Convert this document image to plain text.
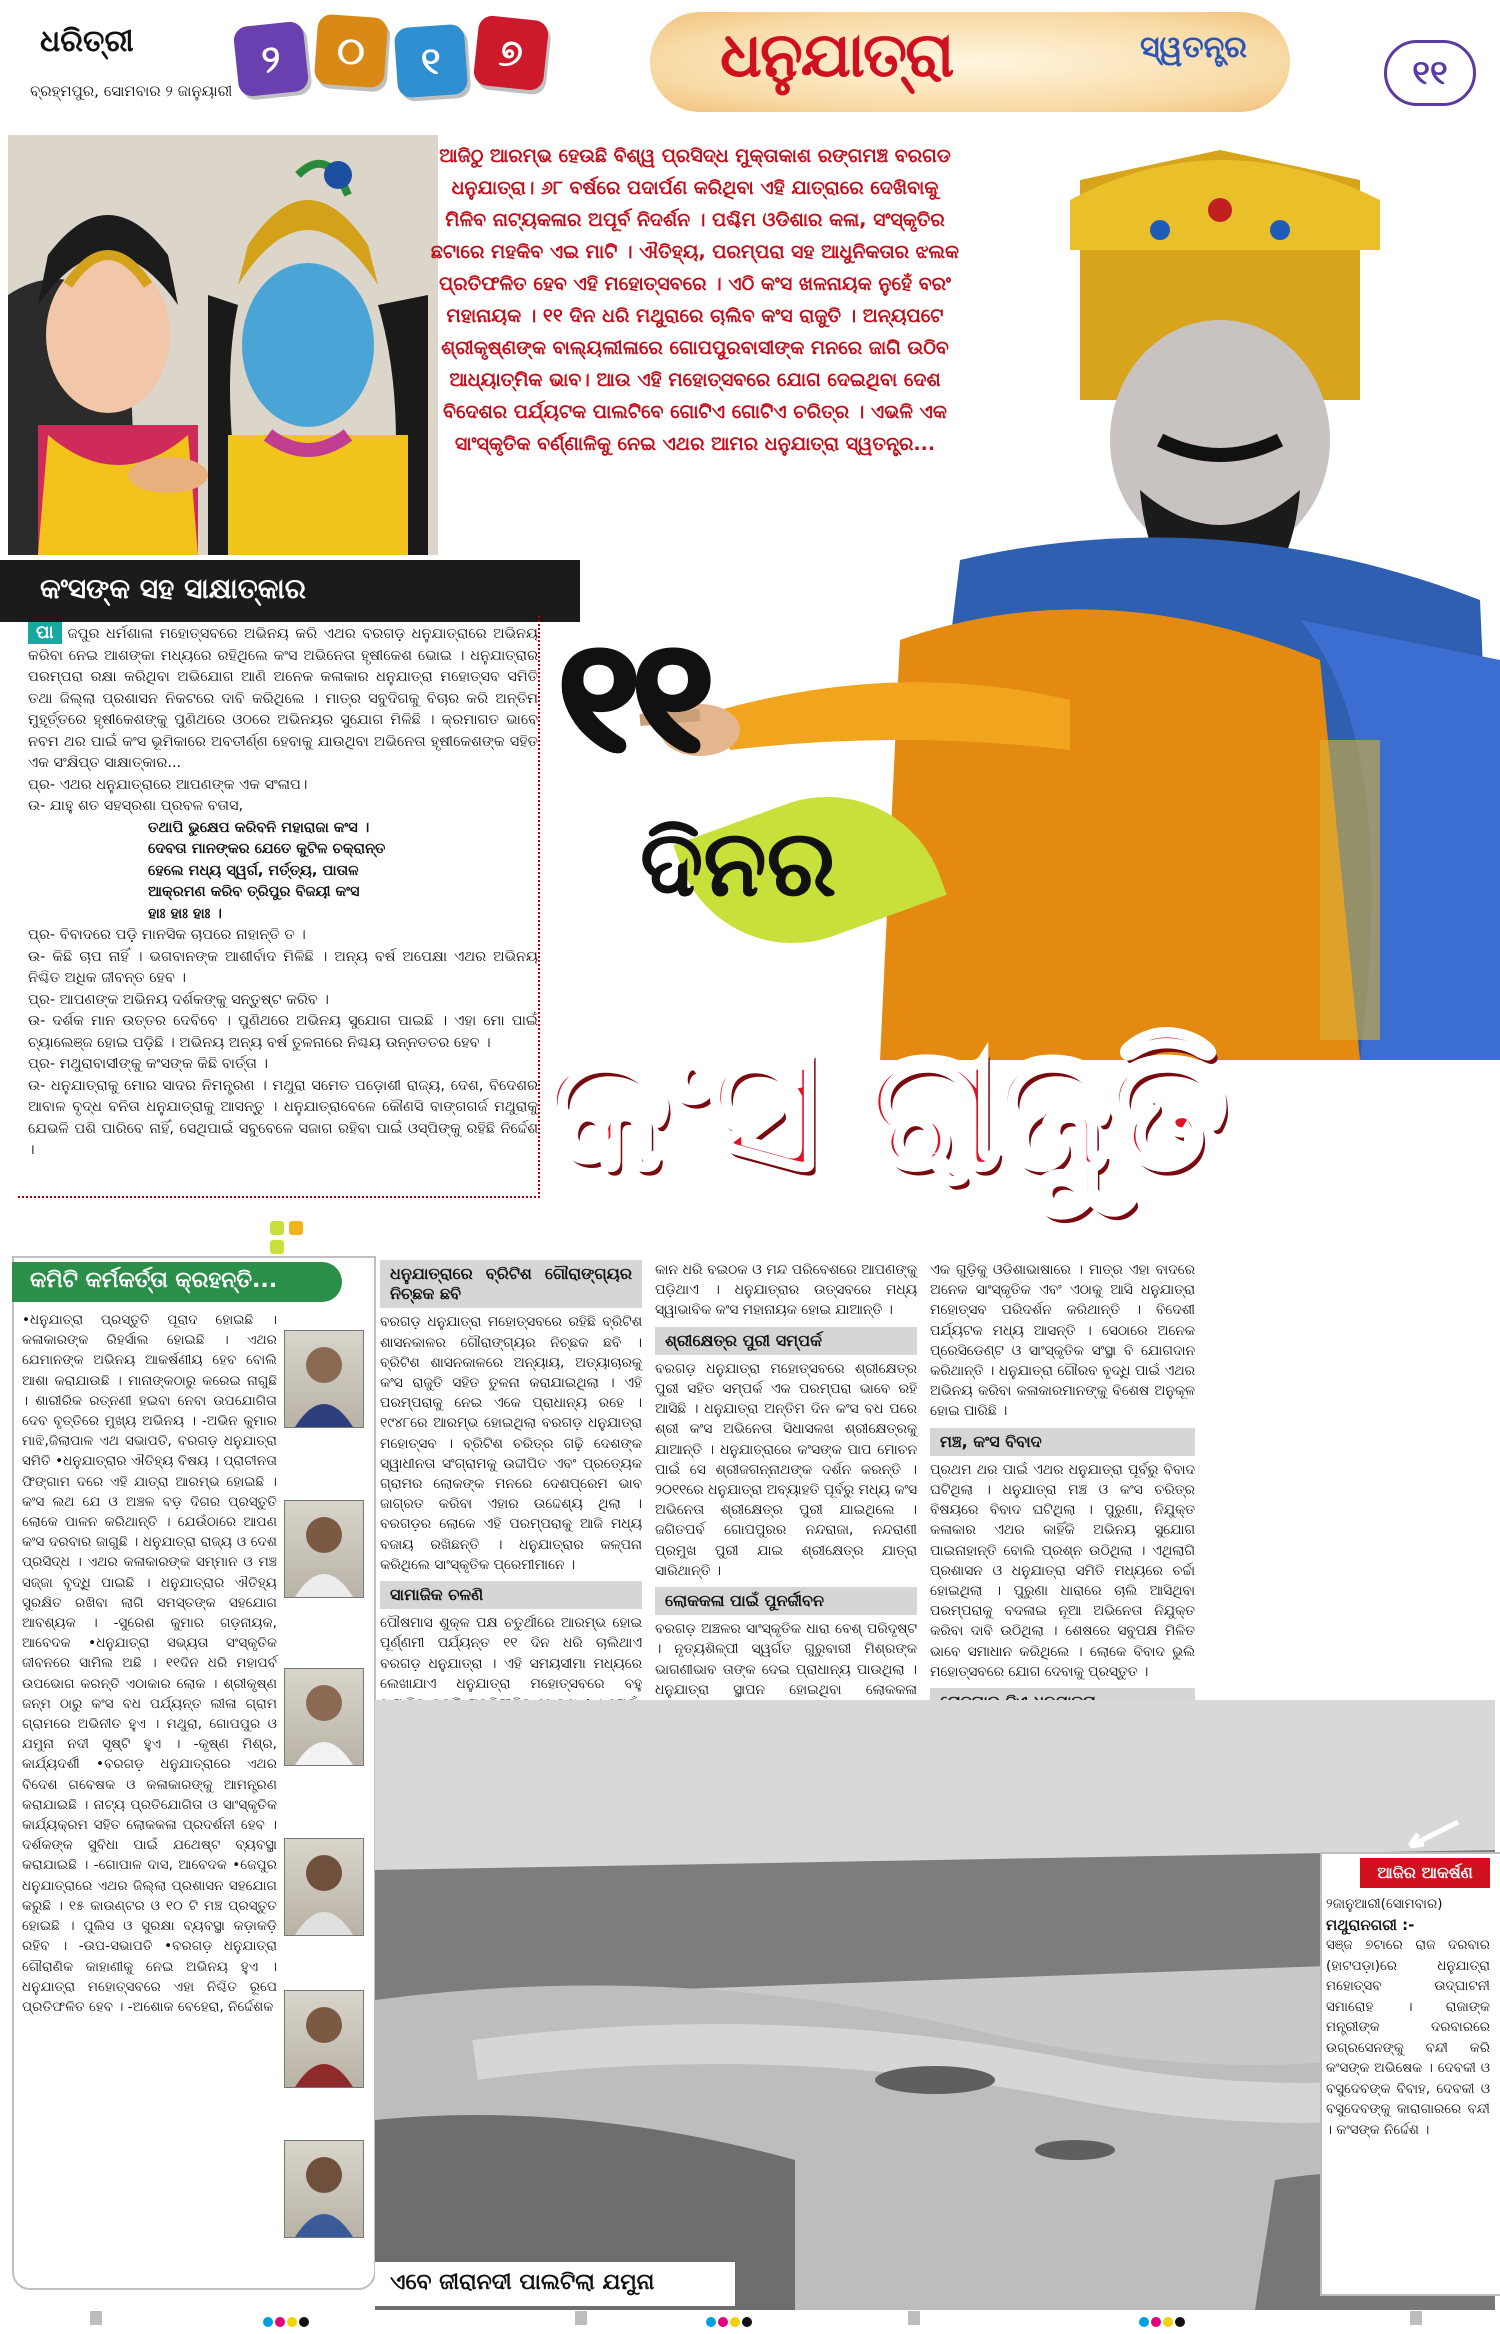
ଧରିତ୍ରୀ
ବ୍ରହ୍ମପୁର, ସୋମବାର ୨ ଜାନୁୟାରୀ
୨ ୦ ୧ ୭	ଧନୁଯାତ୍ରା	ସ୍ୱତନ୍ତ୍ର
୧୧
ଆଜିଠୁ ଆରମ୍ଭ ହେଉଛି ବିଶ୍ୱ ପ୍ରସିଦ୍ଧ ମୁକ୍ତାକାଶ ରଙ୍ଗମଞ୍ଚ ବରଗଡ ଧନୁଯାତ୍ରା। ୬୮ ବର୍ଷରେ ପଦାର୍ପଣ କରିଥିବା ଏହି ଯାତ୍ରାରେ ଦେଖିବାକୁ ମିଳିବ ନାଟ୍ୟକଳାର ଅପୂର୍ବ ନିଦର୍ଶନ । ପଶ୍ଚିମ ଓଡିଶାର କଳା, ସଂସ୍କୃତିର ଛଟାରେ ମହକିବ ଏଇ ମାଟି । ଐତିହ୍ୟ, ପରମ୍ପରା ସହ ଆଧୁନିକତାର ଝଲକ ପ୍ରତିଫଳିତ ହେବ ଏହି ମହୋତ୍ସବରେ । ଏଠି କଂସ ଖଳନାୟକ ନୁହେଁ ବରଂ ମହାନାୟକ । ୧୧ ଦିନ ଧରି ମଥୁରାରେ ଚାଲିବ କଂସ ରାଜୁତି । ଅନ୍ୟପଟେ ଶ୍ରୀକୃଷ୍ଣଙ୍କ ବାଲ୍ୟଲୀଳାରେ ଗୋପପୁରବାସୀଙ୍କ ମନରେ ଜାଗି ଉଠିବ ଆଧ୍ୟାତ୍ମିକ ଭାବ। ଆଉ ଏହି ମହୋତ୍ସବରେ ଯୋଗ ଦେଇଥିବା ଦେଶ ବିଦେଶର ପର୍ଯ୍ୟଟକ ପାଲଟିବେ ଗୋଟିଏ ଗୋଟିଏ ଚରିତ୍ର । ଏଭଳି ଏକ ସାଂସ୍କୃତିକ ବର୍ଣ୍ଣାଳିକୁ ନେଇ ଏଥର ଆମର ଧନୁଯାତ୍ରା ସ୍ୱତନ୍ତ୍ର...
କଂସଙ୍କ ସହ ସାକ୍ଷାତ୍‌କାର

ପା ଜପୁର ଧର୍ମଶାଳା ମହୋତ୍ସବରେ ଅଭିନୟ କରି ଏଥର ବରଗଡ଼ ଧନୁଯାତ୍ରାରେ ଅଭିନୟ କରିବା ନେଇ ଆଶଙ୍କା ମଧ୍ୟରେ ରହିଥିଲେ କଂସ ଅଭିନେତା ହୃଷୀକେଶ ଭୋଇ । ଧନୁଯାତ୍ରାର ପରମ୍ପରା ରକ୍ଷା କରିଥିବା ଅଭିଯୋଗ ଆଣି ଅନେକ କଳାକାର ଧନୁଯାତ୍ରା ମହୋତ୍ସବ ସମିତି ତଥା ଜିଲ୍ଲା ପ୍ରଶାସନ ନିକଟରେ ଦାବି କରିଥିଲେ । ମାତ୍ର ସବୁଦିଗକୁ ବିଚାର କରି ଅନ୍ତିମ ମୁହୂର୍ତ୍ତରେ ହୃଷୀକେଶଙ୍କୁ ପୁଣିଥରେ ଓଠରେ ଅଭିନୟର ସୁଯୋଗ ମିଳିଛି । କ୍ରମାଗତ ଭାବେ ନବମ ଥର ପାଇଁ କଂସ ଭୂମିକାରେ ଅବତୀର୍ଣ୍ଣ ହେବାକୁ ଯାଉଥିବା ଅଭିନେତା ହୃଷୀକେଶଙ୍କ ସହିତ ଏକ ସଂକ୍ଷିପ୍ତ ସାକ୍ଷାତ୍‌କାର...

ପ୍ର- ଏଥର ଧନୁଯାତ୍ରାରେ ଆପଣଙ୍କ ଏକ ସଂଳାପ।

ଉ- ଯାହୁ ଶତ ସହସ୍ରଶା ପ୍ରବଳ ବତାସ,

ତଥାପି ଭୁକ୍ଷେପ କରିବନି ମହାରାଜା କଂସ ।
ଦେବତା ମାନଙ୍କର ଯେତେ କୁଟିଳ ଚକ୍ରାନ୍ତ
ହେଲେ ମଧ୍ୟ ସ୍ୱର୍ଗ, ମର୍ତ୍ତ୍ୟ, ପାତାଳ
ଆକ୍ରମଣ କରିବ ତ୍ରିପୁର ବିଜୟୀ କଂସ
ହାଃ ହାଃ ହାଃ ।

ପ୍ର- ବିବାଦରେ ପଡ଼ି ମାନସିକ ଚାପରେ ନାହାନ୍ତି ତ ।

ଉ- କିଛି ଚାପ ନାହିଁ । ଭଗବାନଙ୍କ ଆଶୀର୍ବାଦ ମିଳିଛି । ଅନ୍ୟ ବର୍ଷ ଅପେକ୍ଷା ଏଥର ଅଭିନୟ ନିଶ୍ଚିତ ଅଧିକ ଜୀବନ୍ତ ହେବ ।

ପ୍ର- ଆପଣଙ୍କ ଅଭିନୟ ଦର୍ଶକଙ୍କୁ ସନ୍ତୁଷ୍ଟ କରିବ ।

ଉ- ଦର୍ଶକ ମାନ ଉତ୍ତର ଦେବିବେ । ପୁଣିଥରେ ଅଭିନୟ ସୁଯୋଗ ପାଇଛି । ଏହା ମୋ ପାଇଁ ଚ୍ୟାଲେଞ୍ଜ ହୋଇ ପଡ଼ିଛି । ଅଭିନୟ ଅନ୍ୟ ବର୍ଷ ତୁଳନାରେ ନିଶ୍ଚୟ ଉନ୍ନତତର ହେବ ।

ପ୍ର- ମଥୁରାବାସୀଙ୍କୁ କଂସଙ୍କ କିଛି ବାର୍ତ୍ତା ।

ଉ- ଧନୁଯାତ୍ରାକୁ ମୋର ସାଦର ନିମନ୍ତ୍ରଣ । ମଥୁରା ସମେତ ପଡ଼ୋଶୀ ରାଜ୍ୟ, ଦେଶ, ବିଦେଶର ଆବାଳ ବୃଦ୍ଧ ବନିତା ଧନୁଯାତ୍ରାକୁ ଆସନ୍ତୁ । ଧନୁଯାତ୍ରାବେଳେ କୌଣସି ବାଙ୍ଗଗର୍ଜ ମଥୁରାକୁ ଯେଭଳି ପଶି ପାରିବେ ନାହିଁ, ସେଥିପାଇଁ ସବୁବେଳେ ସଜାଗ ରହିବା ପାଇଁ ଓସ୍ପିଙ୍କୁ ରହିଛି ନିର୍ଦ୍ଦେଶ ।

୧୧
ଦିନର
କଂସ ରାଜୁତି

କମିଟି କର୍ମକର୍ତ୍ତା କ୍ରହନ୍ତି...
•ଧନୁଯାତ୍ରା ପ୍ରସ୍ତୁତି ପୂରାଦ ହୋଇଛି । କଳାକାରଙ୍କ ରିହର୍ସାଲ ହୋଇଛି । ଏଥର ଯେମାନଙ୍କ ଅଭିନୟ ଆକର୍ଷଣୀୟ ହେବ ବୋଲି ଆଶା କରାଯାଉଛି । ମାନାଙ୍କଠାରୁ କରେଇ ନାଗୁଛି । ଶାରୀରିକ ରତ୍ନଣୀ ହଇବା ନେବା ଉପଯୋଗିତା ଦେବ ବୃତ୍ତିରେ ମୁଖ୍ୟ ଅଭିନୟ । -ଅଭିନ କୁମାର ମାଝି,ଜିଲାପାଳ ଏଥ ସଭାପତି, ବରଗଡ଼ ଧନୁଯାତ୍ରା ସମିତି •ଧନୁଯାତ୍ରାର ଐତିହ୍ୟ ବିଷୟ । ପ୍ରାଚୀନତା ଫିଙ୍ଗାମ ଦରେ ଏହି ଯାତ୍ରା ଆରମ୍ଭ ହୋଇଛି । କଂସ ଲଥ ଯେ ଓ ଅଞ୍ଚଳ ବଡ଼ ଦିଗର ପ୍ରସ୍ତୁତି ଲୋକେ ପାଳନ କରିଥାନ୍ତି । ଯେଉଁଠାରେ ଆପଣ କଂସ ଦରବାର ଜାଗୁଛି । ଧନୁଯାତ୍ରା ରାଜ୍ୟ ଓ ଦେଶ ପ୍ରସିଦ୍ଧ । ଏଥର କଳାକାରଙ୍କ ସମ୍ମାନ ଓ ମଞ୍ଚ ସଜ୍ଜା ବୃଦ୍ଧି ପାଇଛି । ଧନୁଯାତ୍ରାର ଐତିହ୍ୟ ସୁରକ୍ଷିତ ରଖିବା ଲାଗି ସମସ୍ତଙ୍କ ସହଯୋଗ ଆବଶ୍ୟକ । -ସୁରେଶ କୁମାର ଗଡ଼ନାୟକ, ଆବେଦକ •ଧନୁଯାତ୍ରା ସଭ୍ୟତା ସଂସ୍କୃତିକ ଜୀବନରେ ସାମିଲ ଅଛି । ୧୧ଦିନ ଧରି ମହାପର୍ବ ଉପଭୋଗ କରନ୍ତି ଏଠାକାର ଲୋକ । ଶ୍ରୀକୃଷ୍ଣ ଜନ୍ମ ଠାରୁ କଂସ ବଧ ପର୍ଯ୍ୟନ୍ତ ଲୀଳା ଗ୍ରାମ ଗ୍ରାମରେ ଅଭିନୀତ ହୁଏ । ମଥୁରା, ଗୋପପୁର ଓ ଯମୁନା ନଦୀ ସୃଷ୍ଟି ହୁଏ । -କୃଷ୍ଣ ମିଶ୍ର, କାର୍ଯ୍ୟଦର୍ଶୀ •ବରଗଡ଼ ଧନୁଯାତ୍ରାରେ ଏଥର ବିଦେଶ ଗବେଷକ ଓ କଳାକାରଙ୍କୁ ଆମନ୍ତ୍ରଣ କରାଯାଇଛି । ନାଟ୍ୟ ପ୍ରତିଯୋଗିତା ଓ ସାଂସ୍କୃତିକ କାର୍ଯ୍ୟକ୍ରମ ସହିତ ଲୋକକଳା ପ୍ରଦର୍ଶନୀ ହେବ । ଦର୍ଶକଙ୍କ ସୁବିଧା ପାଇଁ ଯଥେଷ୍ଟ ବ୍ୟବସ୍ଥା କରାଯାଇଛି । -ଗୋପାଳ ଦାସ, ଆବେଦକ •ଜେପୁର ଧନୁଯାତ୍ରାରେ ଏଥର ଜିଲ୍ଲା ପ୍ରଶାସନ ସହଯୋଗ କରୁଛି । ୧୫ କାଉଣ୍ଟର ଓ ୧୦ ଟି ମଞ୍ଚ ପ୍ରସ୍ତୁତ ହୋଇଛି । ପୁଲିସ ଓ ସୁରକ୍ଷା ବ୍ୟବସ୍ଥା କଡ଼ାକଡ଼ି ରହିବ । -ଉପ-ସଭାପତି •ବରଗଡ଼ ଧନୁଯାତ୍ରା ଗୌରାଣିକ କାହାଣୀକୁ ନେଇ ଅଭିନୟ ହୁଏ । ଧନୁଯାତ୍ରା ମହୋତ୍ସବରେ ଏହା ନିଶ୍ଚିତ ରୂପେ ପ୍ରତିଫଳିତ ହେବ । -ଅଶୋକ ବେହେରା, ନିର୍ଦ୍ଦେଶକ
ଧନୁଯାତ୍ରାରେ ବ୍ରିଟିଶ ଗୌରାଙ୍ଗ୍ୟର ନିଚ୍ଛକ ଛବି

ବରଗଡ଼ ଧନୁଯାତ୍ରା ମହୋତ୍ସବରେ ରହିଛି ବ୍ରିଟିଶ ଶାସନକାଳର ଗୌରାଙ୍ଗ୍ୟର ନିଚ୍ଛକ ଛବି । ବ୍ରିଟିଶ ଶାସନକାଳରେ ଅନ୍ୟାୟ, ଅତ୍ୟାଚାରକୁ କଂସ ରାଜୁତି ସହିତ ତୁଳନା କରାଯାଇଥିଲା । ଏହି ପରମ୍ପରାକୁ ନେଇ ଏକେ ପ୍ରାଧାନ୍ୟ ରହେ । ୧୯୪୮ରେ ଆରମ୍ଭ ହୋଇଥିଲା ବରଗଡ଼ ଧନୁଯାତ୍ରା ମହୋତ୍ସବ । ବ୍ରିଟିଶ ଚରିତ୍ର ଗଢ଼ି ଦେଶଙ୍କ ସ୍ୱାଧୀନତା ସଂଗ୍ରାମକୁ ଉଦ୍ଦୀପିତ ଏବଂ ପ୍ରତ୍ୟେକ ଗ୍ରାମର ଲୋକଙ୍କ ମନରେ ଦେଶପ୍ରେମ ଭାବ ଜାଗ୍ରତ କରିବା ଏହାର ଉଦ୍ଦେଶ୍ୟ ଥିଲା । ବରଗଡ଼ର ଲୋକେ ଏହି ପରମ୍ପରାକୁ ଆଜି ମଧ୍ୟ ବଜାୟ ରଖିଛନ୍ତି । ଧନୁଯାତ୍ରାର କଳ୍ପନା କରିଥିଲେ ସାଂସ୍କୃତିକ ପ୍ରେମୀମାନେ ।

ସାମାଜିକ ଚଳଣି

ପୌଷମାସ ଶୁକ୍ଳ ପକ୍ଷ ଚତୁର୍ଥୀରେ ଆରମ୍ଭ ହୋଇ ପୂର୍ଣ୍ଣମୀ ପର୍ଯ୍ୟନ୍ତ ୧୧ ଦିନ ଧରି ଚାଲିଥାଏ ବରଗଡ଼ ଧନୁଯାତ୍ରା । ଏହି ସମୟସୀମା ମଧ୍ୟରେ ଲେଖାଯାଏ ଧନୁଯାତ୍ରା ମହୋତ୍ସବରେ ବହୁ

କାନ ଧରି ବଇଠକ ଓ ମନ୍ଦ ପରିବେଶରେ ଆପଣଙ୍କୁ ପଡ଼ିଥାଏ । ଧନୁଯାତ୍ରାର ଉତ୍ସବରେ ମଧ୍ୟ ସ୍ୱାଭାବିକ କଂସ ମହାନାୟକ ହୋଇ ଯାଆନ୍ତି ।

ଶ୍ରୀକ୍ଷେତ୍ର ପୁରୀ ସମ୍ପର୍କ

ବରଗଡ଼ ଧନୁଯାତ୍ରା ମହୋତ୍ସବରେ ଶ୍ରୀକ୍ଷେତ୍ର ପୁରୀ ସହିତ ସମ୍ପର୍କ ଏକ ପରମ୍ପରା ଭାବେ ରହି ଆସିଛି । ଧନୁଯାତ୍ରା ଅନ୍ତିମ ଦିନ କଂସ ବଧ ପରେ ଶ୍ରୀ କଂସ ଅଭିନେତା ସିଧାସଳଖ ଶ୍ରୀକ୍ଷେତ୍ରକୁ ଯାଆନ୍ତି । ଧନୁଯାତ୍ରାରେ କଂସଙ୍କ ପାପ ମୋଚନ ପାଇଁ ସେ ଶ୍ରୀଜଗନ୍ନାଥଙ୍କ ଦର୍ଶନ କରନ୍ତି । ୨୦୧୧ରେ ଧନୁଯାତ୍ରା ଅବ୍ୟାହତି ପୂର୍ବରୁ ମଧ୍ୟ କଂସ ଅଭିନେତା ଶ୍ରୀକ୍ଷେତ୍ର ପୁରୀ ଯାଇଥିଲେ । ଜଗିତପର୍ବ ଗୋପପୁରର ନନ୍ଦରାଜା, ନନ୍ଦରାଣୀ ପ୍ରମୁଖ ପୁରୀ ଯାଇ ଶ୍ରୀକ୍ଷେତ୍ର ଯାତ୍ରା ସାରିଥାନ୍ତି ।

ଲୋକକଳା ପାଇଁ ପୁନର୍ଜୀବନ

ବରଗଡ଼ ଅଞ୍ଚଳର ସାଂସ୍କୃତିକ ଧାରା ବେଶ୍ ପରିଦୃଷ୍ଟ । ନୃତ୍ୟଶିଳ୍ପୀ ସ୍ୱର୍ଗତ ଗୁରୁବାରୀ ମିଶ୍ରଙ୍କ ଭାଗଣୀଭାବ ତାଙ୍କ ଦେଇ ପ୍ରାଧାନ୍ୟ ପାଉଥିଲା । ଧନୁଯାତ୍ରା ସ୍ଥାପନ ହୋଇଥିବା ଲୋକକଳା

ଏକ ଗୁଡ଼ିକୁ ଓଡିଶାଭାଷାରେ । ମାତ୍ର ଏହା ବାଦରେ ଅନେକ ସାଂସ୍କୃତିକ ଏବଂ ଏଠାକୁ ଆସି ଧନୁଯାତ୍ରା ମହୋତ୍ସବ ପରିଦର୍ଶନ କରିଥାନ୍ତି । ବିଦେଶୀ ପର୍ଯ୍ୟଟକ ମଧ୍ୟ ଆସନ୍ତି । ସେଠାରେ ଅନେକ ପ୍ରେସିଡେଣ୍ଟ ଓ ସାଂସ୍କୃତିକ ସଂସ୍ଥା ବି ଯୋଗଦାନ କରିଥାନ୍ତି । ଧନୁଯାତ୍ରା ଗୌରବ ବୃଦ୍ଧି ପାଇଁ ଏଥର ଅଭିନୟ କରିବା କଳାକାରମାନଙ୍କୁ ବିଶେଷ ଅନୁକୂଳ ହୋଇ ପାରିଛି ।

ମଞ୍ଚ, କଂସ ବିବାଦ

ପ୍ରଥମ ଥର ପାଇଁ ଏଥର ଧନୁଯାତ୍ରା ପୂର୍ବରୁ ବିବାଦ ଘଟିଥିଲା । ଧନୁଯାତ୍ରା ମଞ୍ଚ ଓ କଂସ ଚରିତ୍ର ବିଷୟରେ ବିବାଦ ଘଟିଥିଲା । ପୁରୁଣା, ନିଯୁକ୍ତ କଳାକାର ଏଥର କାହିଁକି ଅଭିନୟ ସୁଯୋଗ ପାଇନାହାନ୍ତି ବୋଲି ପ୍ରଶ୍ନ ଉଠିଥିଲା । ଏଥିଲାଗି ପ୍ରଶାସନ ଓ ଧନୁଯାତ୍ରା ସମିତି ମଧ୍ୟରେ ଚର୍ଚ୍ଚା ହୋଇଥିଲା । ପୁରୁଣା ଧାରାରେ ଚାଲି ଆସିଥିବା ପରମ୍ପରାକୁ ବଦଳାଇ ନୂଆ ଅଭିନେତା ନିଯୁକ୍ତ କରିବା ଦାବି ଉଠିଥିଲା । ଶେଷରେ ସବୁପକ୍ଷ ମିଳିତ ଭାବେ ସମାଧାନ କରିଥିଲେ । ଲୋକେ ବିବାଦ ଭୁଲି ମହୋତ୍ସବରେ ଯୋଗ ଦେବାକୁ ପ୍ରସ୍ତୁତ ।

ଏବେ ଜୀରାନଦୀ ପାଲଟିଲା ଯମୁନା
ଆଜିର ଆକର୍ଷଣ
୨ଜାନୁଆରୀ(ସୋମବାର)
ମଥୁରାନଗରୀ :-
ସଞ୍ଜ ୭ଟାରେ ରାଜ ଦରବାର (ହାଟପଡ଼ା)ରେ ଧନୁଯାତ୍ରା ମହୋତ୍ସବ ଉଦ୍‌ଘାଟନୀ ସମାରୋହ । ରାଜାଙ୍କ ମନ୍ତ୍ରୀଙ୍କ ଦରବାରରେ ଉଗ୍ରସେନଙ୍କୁ ବନ୍ଦୀ କରି କଂସଙ୍କ ଅଭିଷେକ । ଦେବକୀ ଓ ବସୁଦେବଙ୍କ ବିବାହ, ଦେବକୀ ଓ ବସୁଦେବଙ୍କୁ କାରାଗାରରେ ବନ୍ଦୀ । କଂସଙ୍କ ନିର୍ଦ୍ଦେଶ ।
